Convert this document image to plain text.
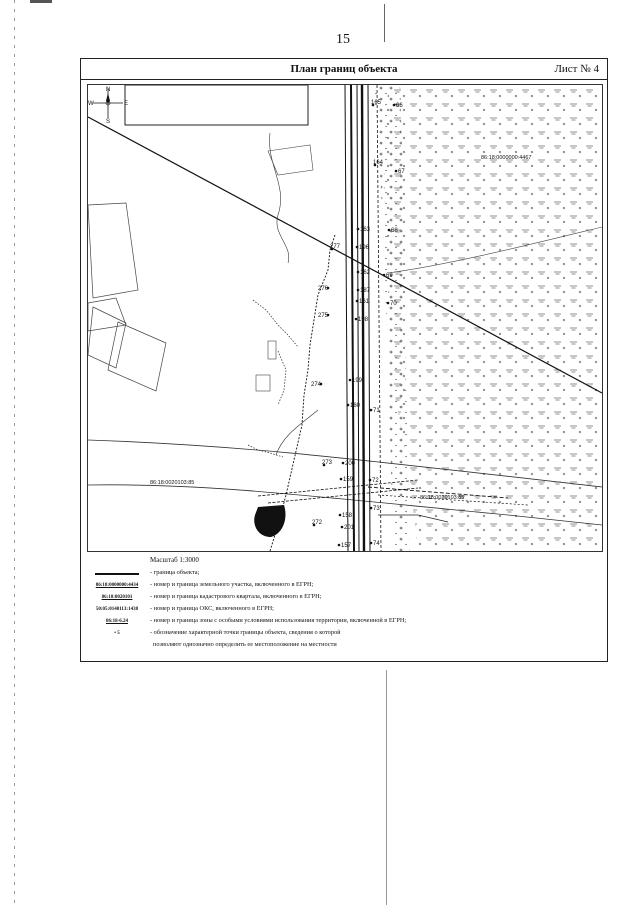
15
План границ объекта	Лист № 4
N
S
W	E
86:18:0000000:4467
86:18:0020103:85
86:18:0020103:85
165 66
164
67
163	68
277	196
162	69
276	187
161	70
275
198
274
199
160
71
273 200
159	72
73
158
272
201
157	74
Масштаб 1:3000
- граница объекта;
86:18:0000000:4434	- номер и граница земельного участка, включенного в ЕГРН;
86:18:0020101	- номер и граница кадастрового квартала, включенного в ЕГРН;
50:05:0140113:1438	- номер и граница ОКС, включенного в ЕГРН;
86:18-6.24	- номер и граница зоны с особыми условиями использования территории, включенной в ЕГРН;
• 5	- обозначение характерной точки границы объекта, сведения о которой
позволяют однозначно определить ее местоположение на местности
